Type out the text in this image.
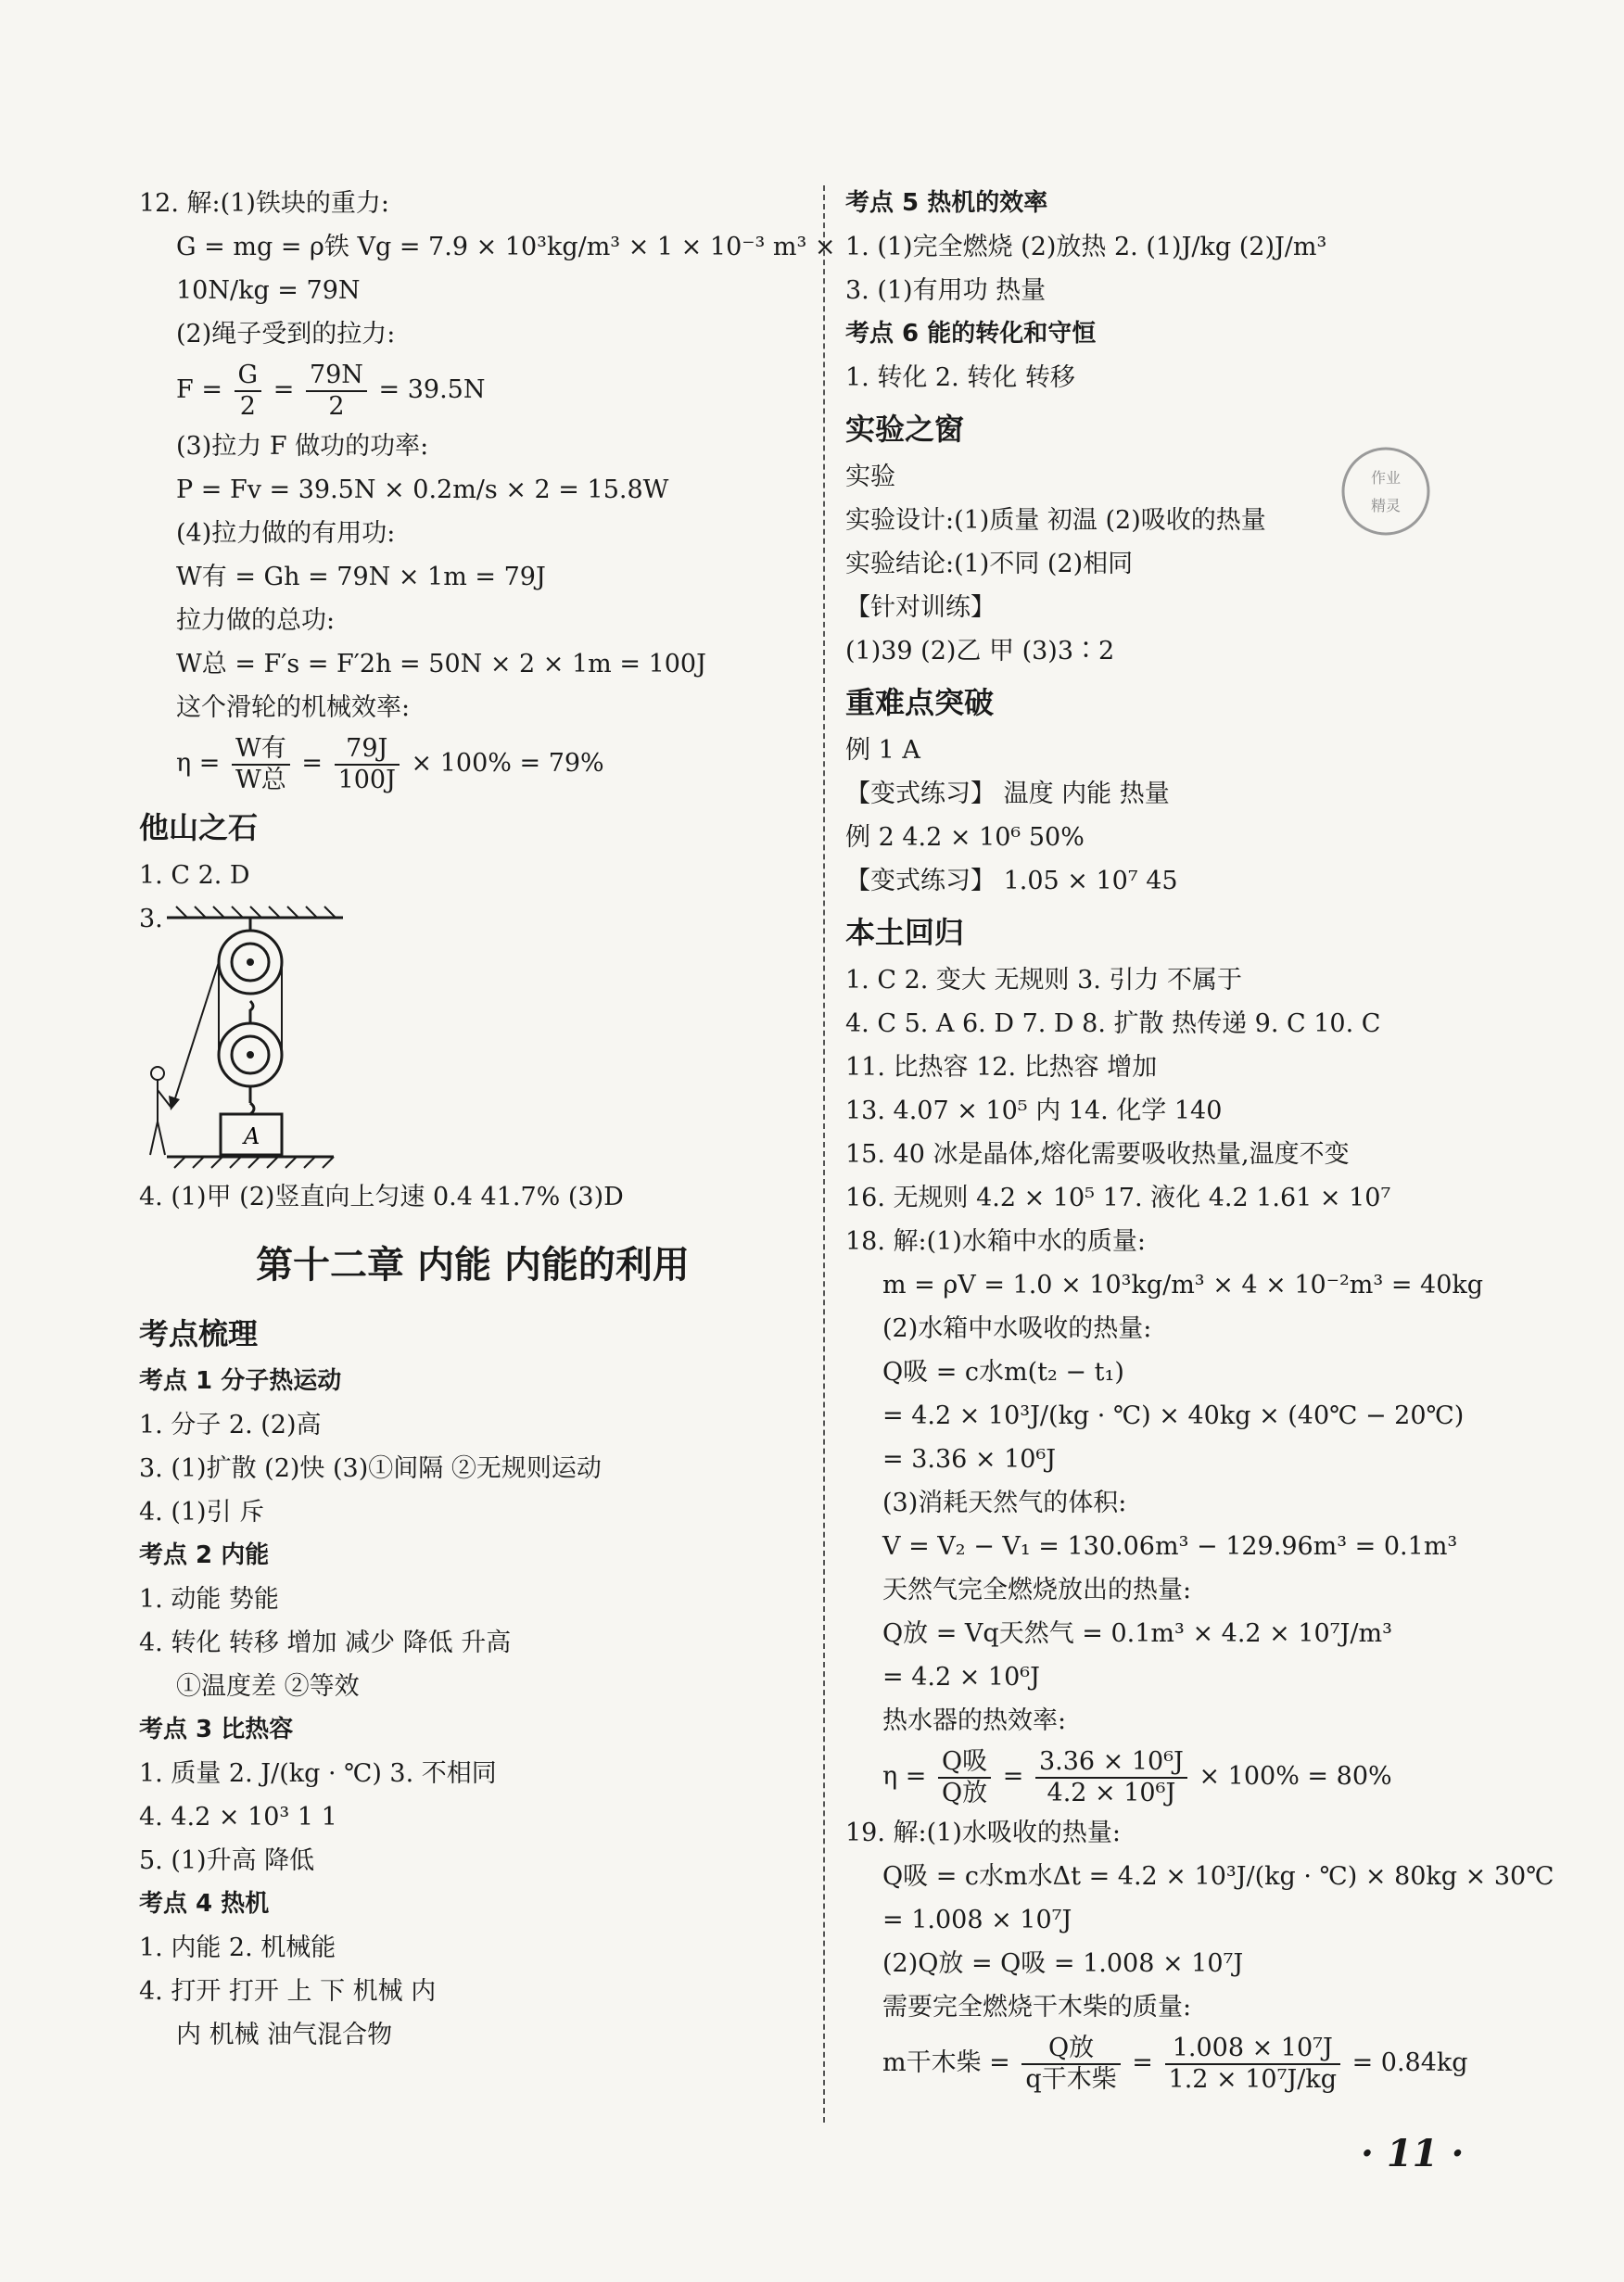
12. 解:(1)铁块的重力:
G = mg = ρ铁 Vg = 7.9 × 10³kg/m³ × 1 × 10⁻³ m³ ×
10N/kg = 79N
(2)绳子受到的拉力:
$F = \frac{G}{2} = \frac{79N}{2} = 39.5N$
(3)拉力 F 做功的功率:
P = Fv = 39.5N × 0.2m/s × 2 = 15.8W
(4)拉力做的有用功:
W有 = Gh = 79N × 1m = 79J
拉力做的总功:
W总 = F′s = F′2h = 50N × 2 × 1m = 100J
这个滑轮的机械效率:
$\eta = \frac{\text{W有}}{\text{W总}} = \frac{79J}{100J} \times 100\% = 79\%$
他山之石
1. C 2. D
3.
A
4. (1)甲 (2)竖直向上匀速 0.4 41.7% (3)D
第十二章 内能 内能的利用
考点梳理
考点 1 分子热运动
1. 分子 2. (2)高
3. (1)扩散 (2)快 (3)①间隔 ②无规则运动
4. (1)引 斥
考点 2 内能
1. 动能 势能
4. 转化 转移 增加 减少 降低 升高
①温度差 ②等效
考点 3 比热容
1. 质量 2. J/(kg · ℃) 3. 不相同
4. 4.2 × 10³ 1 1
5. (1)升高 降低
考点 4 热机
1. 内能 2. 机械能
4. 打开 打开 上 下 机械 内
内 机械 油气混合物
考点 5 热机的效率
1. (1)完全燃烧 (2)放热 2. (1)J/kg (2)J/m³
3. (1)有用功 热量
考点 6 能的转化和守恒
1. 转化 2. 转化 转移
实验之窗
实验
实验设计:(1)质量 初温 (2)吸收的热量
实验结论:(1)不同 (2)相同
【针对训练】
(1)39 (2)乙 甲 (3)3∶2
重难点突破
例 1 A
【变式练习】 温度 内能 热量
例 2 4.2 × 10⁶ 50%
【变式练习】 1.05 × 10⁷ 45
本土回归
1. C 2. 变大 无规则 3. 引力 不属于
4. C 5. A 6. D 7. D 8. 扩散 热传递 9. C 10. C
11. 比热容 12. 比热容 增加
13. 4.07 × 10⁵ 内 14. 化学 140
15. 40 冰是晶体,熔化需要吸收热量,温度不变
16. 无规则 4.2 × 10⁵ 17. 液化 4.2 1.61 × 10⁷
18. 解:(1)水箱中水的质量:
m = ρV = 1.0 × 10³kg/m³ × 4 × 10⁻²m³ = 40kg
(2)水箱中水吸收的热量:
Q吸 = c水m(t₂ − t₁)
= 4.2 × 10³J/(kg · ℃) × 40kg × (40℃ − 20℃)
= 3.36 × 10⁶J
(3)消耗天然气的体积:
V = V₂ − V₁ = 130.06m³ − 129.96m³ = 0.1m³
天然气完全燃烧放出的热量:
Q放 = Vq天然气 = 0.1m³ × 4.2 × 10⁷J/m³
= 4.2 × 10⁶J
热水器的热效率:
$\eta = \frac{\text{Q吸}}{\text{Q放}} = \frac{\text{3.36 × 10⁶J}}{\text{4.2 × 10⁶J}} \times 100\% = 80\%$
19. 解:(1)水吸收的热量:
Q吸 = c水m水Δt = 4.2 × 10³J/(kg · ℃) × 80kg × 30℃
= 1.008 × 10⁷J
(2)Q放 = Q吸 = 1.008 × 10⁷J
需要完全燃烧干木柴的质量:
m干木柴 = $\frac{\text{Q放}}{\text{q干木柴}} = \frac{\text{1.008 × 10⁷J}}{\text{1.2 × 10⁷J/kg}} = 0.84kg$
作业
精灵
· 11 ·
